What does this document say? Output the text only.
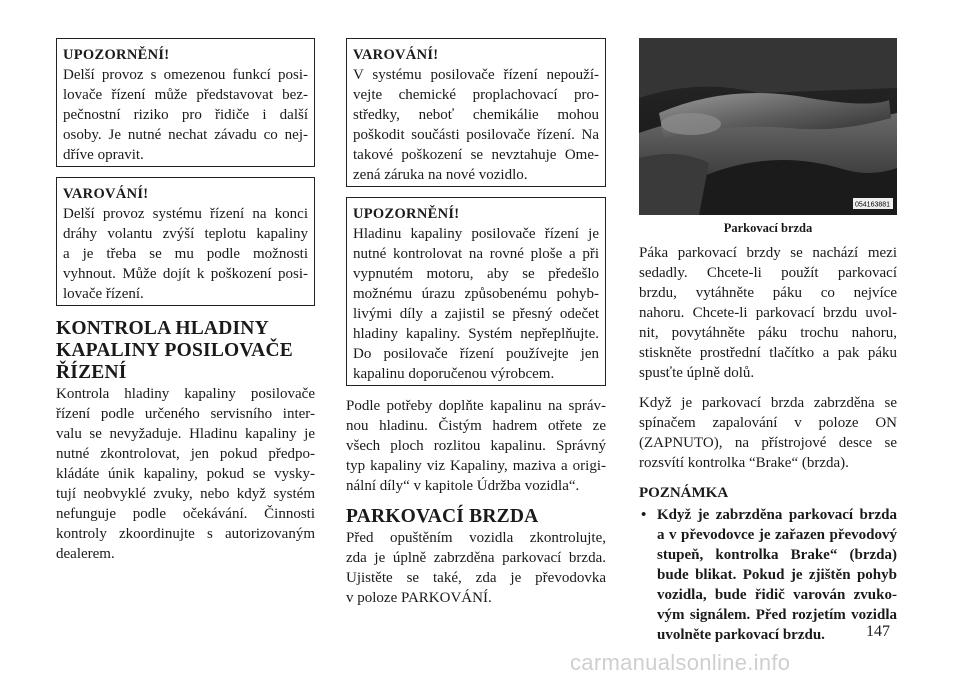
UPOZORNĚNÍ!
Delší provoz s omezenou funkcí posi-
lovače řízení může představovat bez-
pečnostní riziko pro řidiče i další
osoby. Je nutné nechat závadu co nej-
dříve opravit.
VAROVÁNÍ!
Delší provoz systému řízení na konci
dráhy volantu zvýší teplotu kapaliny
a je třeba se mu podle možnosti
vyhnout. Může dojít k poškození posi-
lovače řízení.
KONTROLA HLADINY
KAPALINY POSILOVAČE
ŘÍZENÍ
Kontrola hladiny kapaliny posilovače
řízení podle určeného servisního inter-
valu se nevyžaduje. Hladinu kapaliny je
nutné zkontrolovat, jen pokud předpo-
kládáte únik kapaliny, pokud se vysky-
tují neobvyklé zvuky, nebo když systém
nefunguje podle očekávání. Činnosti
kontroly zkoordinujte s autorizovaným
dealerem.
VAROVÁNÍ!
V systému posilovače řízení nepouží-
vejte chemické proplachovací pro-
středky, neboť chemikálie mohou
poškodit součásti posilovače řízení. Na
takové poškození se nevztahuje Ome-
zená záruka na nové vozidlo.
UPOZORNĚNÍ!
Hladinu kapaliny posilovače řízení je
nutné kontrolovat na rovné ploše a při
vypnutém motoru, aby se předešlo
možnému úrazu způsobenému pohyb-
livými díly a zajistil se přesný odečet
hladiny kapaliny. Systém nepřeplňujte.
Do posilovače řízení používejte jen
kapalinu doporučenou výrobcem.
Podle potřeby doplňte kapalinu na správ-
nou hladinu. Čistým hadrem otřete ze
všech ploch rozlitou kapalinu. Správný
typ kapaliny viz Kapaliny, maziva a origi-
nální díly“ v kapitole Údržba vozidla“.
PARKOVACÍ BRZDA
Před opuštěním vozidla zkontrolujte,
zda je úplně zabrzděna parkovací brzda.
Ujistěte se také, zda je převodovka
v poloze PARKOVÁNÍ.
054163881
Parkovací brzda
Páka parkovací brzdy se nachází mezi
sedadly. Chcete-li použít parkovací
brzdu, vytáhněte páku co nejvíce
nahoru. Chcete-li parkovací brzdu uvol-
nit, povytáhněte páku trochu nahoru,
stiskněte prostřední tlačítko a pak páku
spusťte úplně dolů.
Když je parkovací brzda zabrzděna se
spínačem zapalování v poloze ON
(ZAPNUTO), na přístrojové desce se
rozsvítí kontrolka “Brake“ (brzda).
POZNÁMKA
• Když je zabrzděna parkovací brzda
a v převodovce je zařazen převodový
stupeň, kontrolka Brake“ (brzda)
bude blikat. Pokud je zjištěn pohyb
vozidla, bude řidič varován zvuko-
vým signálem. Před rozjetím vozidla
uvolněte parkovací brzdu.	147
carmanualsonline.info
